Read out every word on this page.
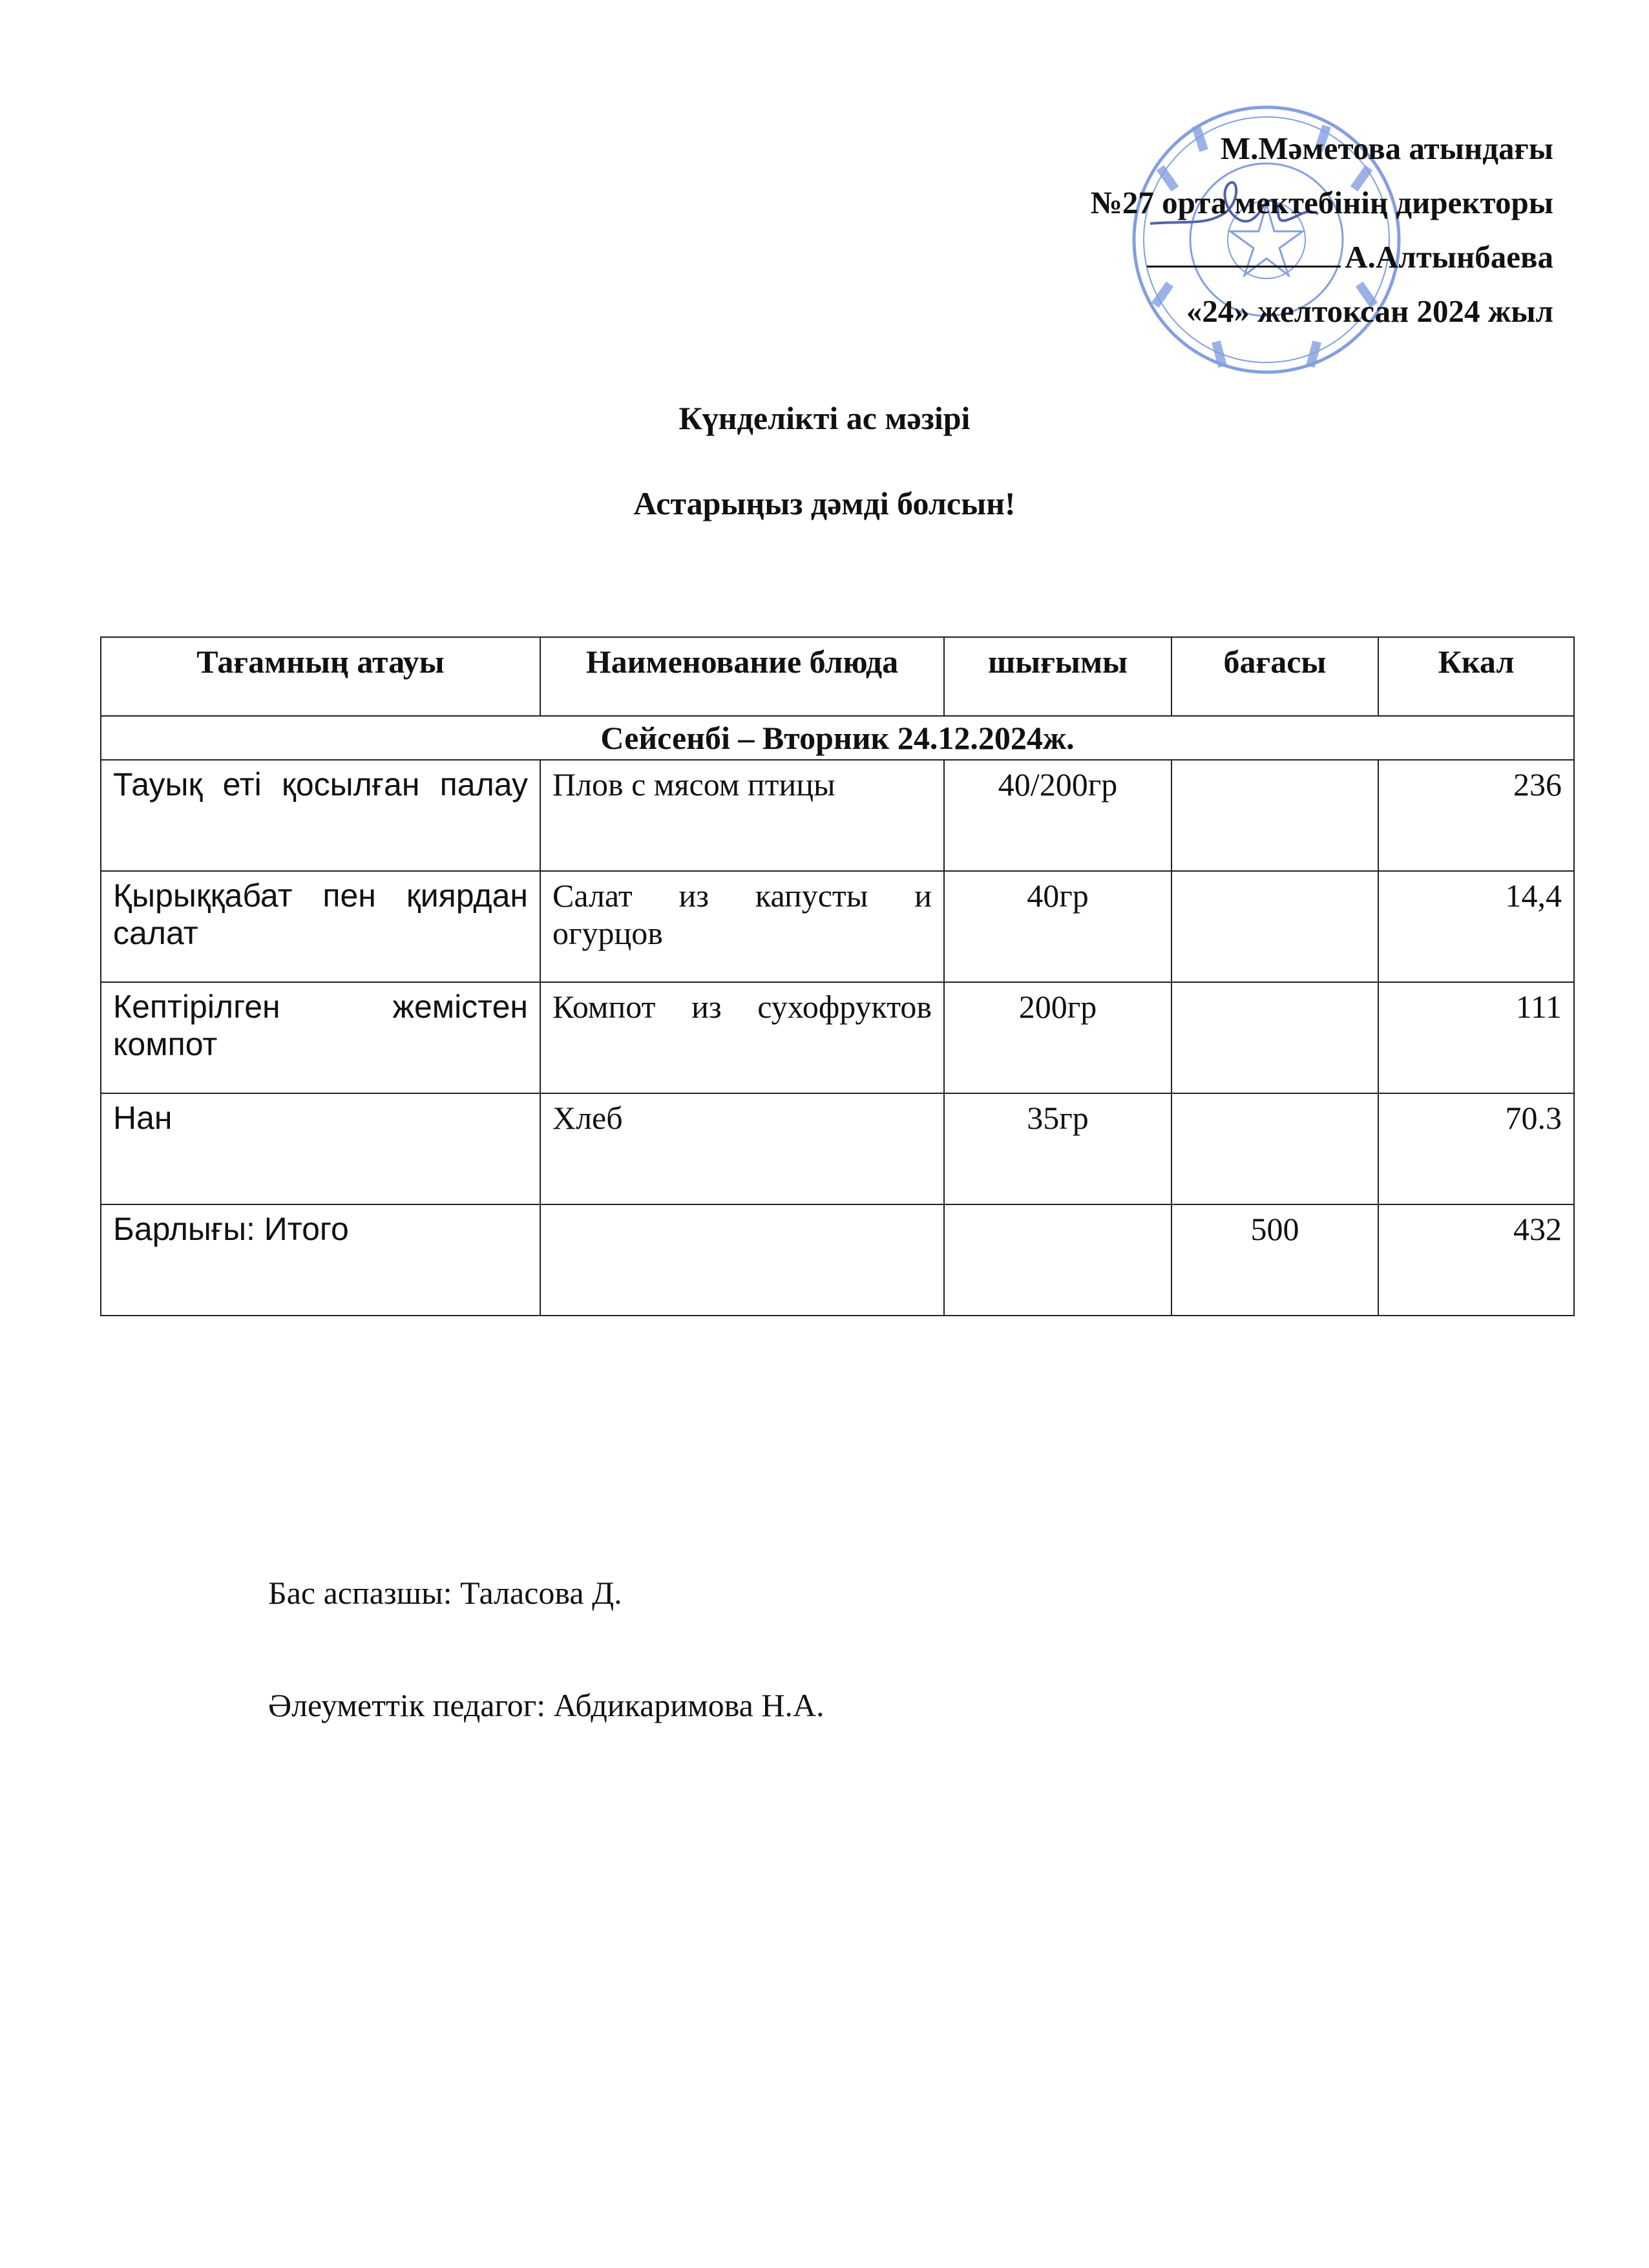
М.Мәметова атындағы
№27 орта мектебінің директоры
А.Алтынбаева
«24» желтоксан 2024 жыл
Күнделікті ас мәзірі
Астарыңыз дәмді болсын!
Тағамның атауы	Наименование блюда	шығымы	бағасы	Ккал
Сейсенбі – Вторник 24.12.2024ж.				
Тауық еті қосылған палау	Плов с мясом птицы	40/200гр		236
Қырыққабат пен қиярдан салат	Салат из капусты и огурцов	40гр		14,4
Кептірілген жемістен компот	Компот из сухофруктов	200гр		111
Нан	Хлеб	35гр		70.3
Барлығы: Итого			500	432
Бас аспазшы: Таласова Д.
Әлеуметтік педагог: Абдикаримова Н.А.
